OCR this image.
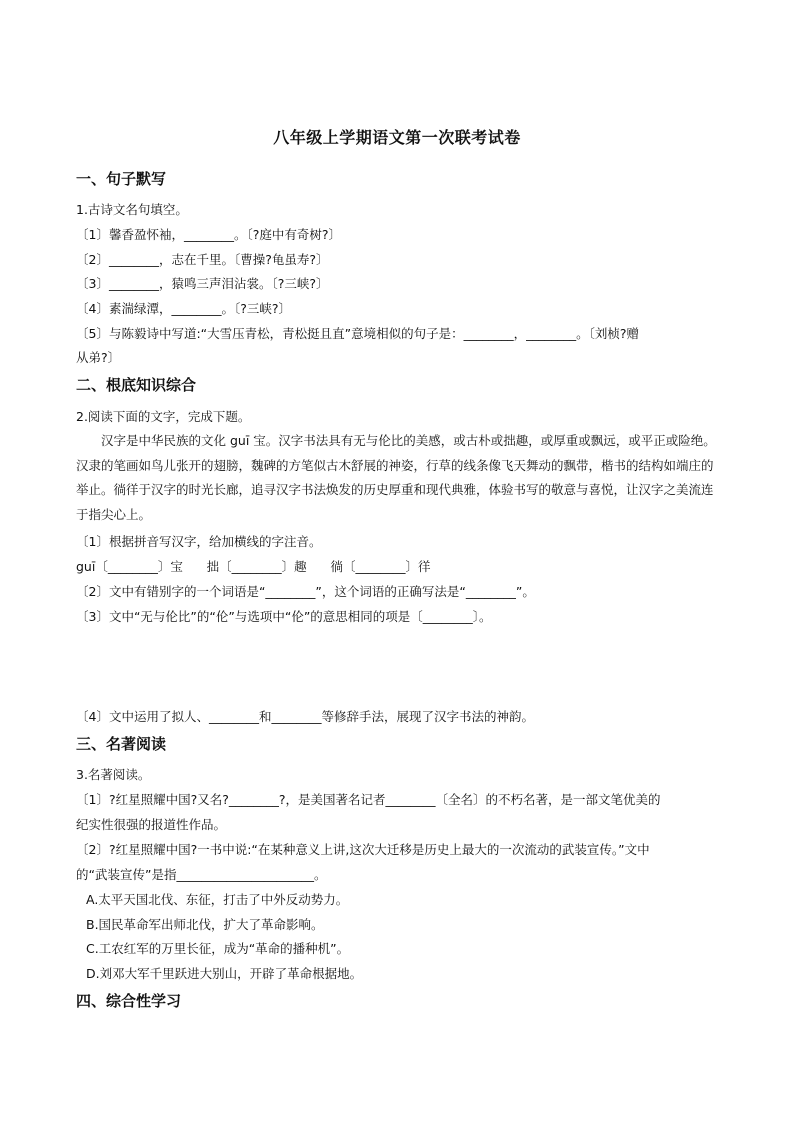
八年级上学期语文第一次联考试卷
一、句子默写
1.古诗文名句填空。
〔1〕馨香盈怀袖，________。〔?庭中有奇树?〕
〔2〕________，志在千里。〔曹操?龟虽寿?〕
〔3〕________，猿鸣三声泪沾裳。〔?三峡?〕
〔4〕素湍绿潭，________。〔?三峡?〕
〔5〕与陈毅诗中写道:“大雪压青松，青松挺且直”意境相似的句子是：________，________。〔刘桢?赠
从弟?〕
二、根底知识综合
2.阅读下面的文字，完成下题。
汉字是中华民族的文化 guī 宝。汉字书法具有无与伦比的美感，或古朴或拙趣，或厚重或飘远，或平正或险绝。汉隶的笔画如鸟儿张开的翅膀，魏碑的方笔似古木舒展的神姿，行草的线条像飞天舞动的飘带，楷书的结构如端庄的举止。徜徉于汉字的时光长廊，追寻汉字书法焕发的历史厚重和现代典雅，体验书写的敬意与喜悦，让汉字之美流连于指尖心上。
〔1〕根据拼音写汉字，给加横线的字注音。
guī〔________〕宝      拙〔________〕趣      徜〔________〕徉
〔2〕文中有错别字的一个词语是“________”，这个词语的正确写法是“________”。
〔3〕文中“无与伦比”的“伦”与选项中“伦”的意思相同的项是〔________〕。
〔4〕文中运用了拟人、________和________等修辞手法，展现了汉字书法的神韵。
三、名著阅读
3.名著阅读。
〔1〕?红星照耀中国?又名?________?，是美国著名记者________〔全名〕的不朽名著，是一部文笔优美的
纪实性很强的报道性作品。
〔2〕?红星照耀中国?一书中说:“在某种意义上讲,这次大迁移是历史上最大的一次流动的武装宣传。”文中
的“武装宣传”是指______________________。
A.太平天国北伐、东征，打击了中外反动势力。
B.国民革命军出师北伐，扩大了革命影响。
C.工农红军的万里长征，成为“革命的播种机”。
D.刘邓大军千里跃进大别山，开辟了革命根据地。
四、综合性学习
